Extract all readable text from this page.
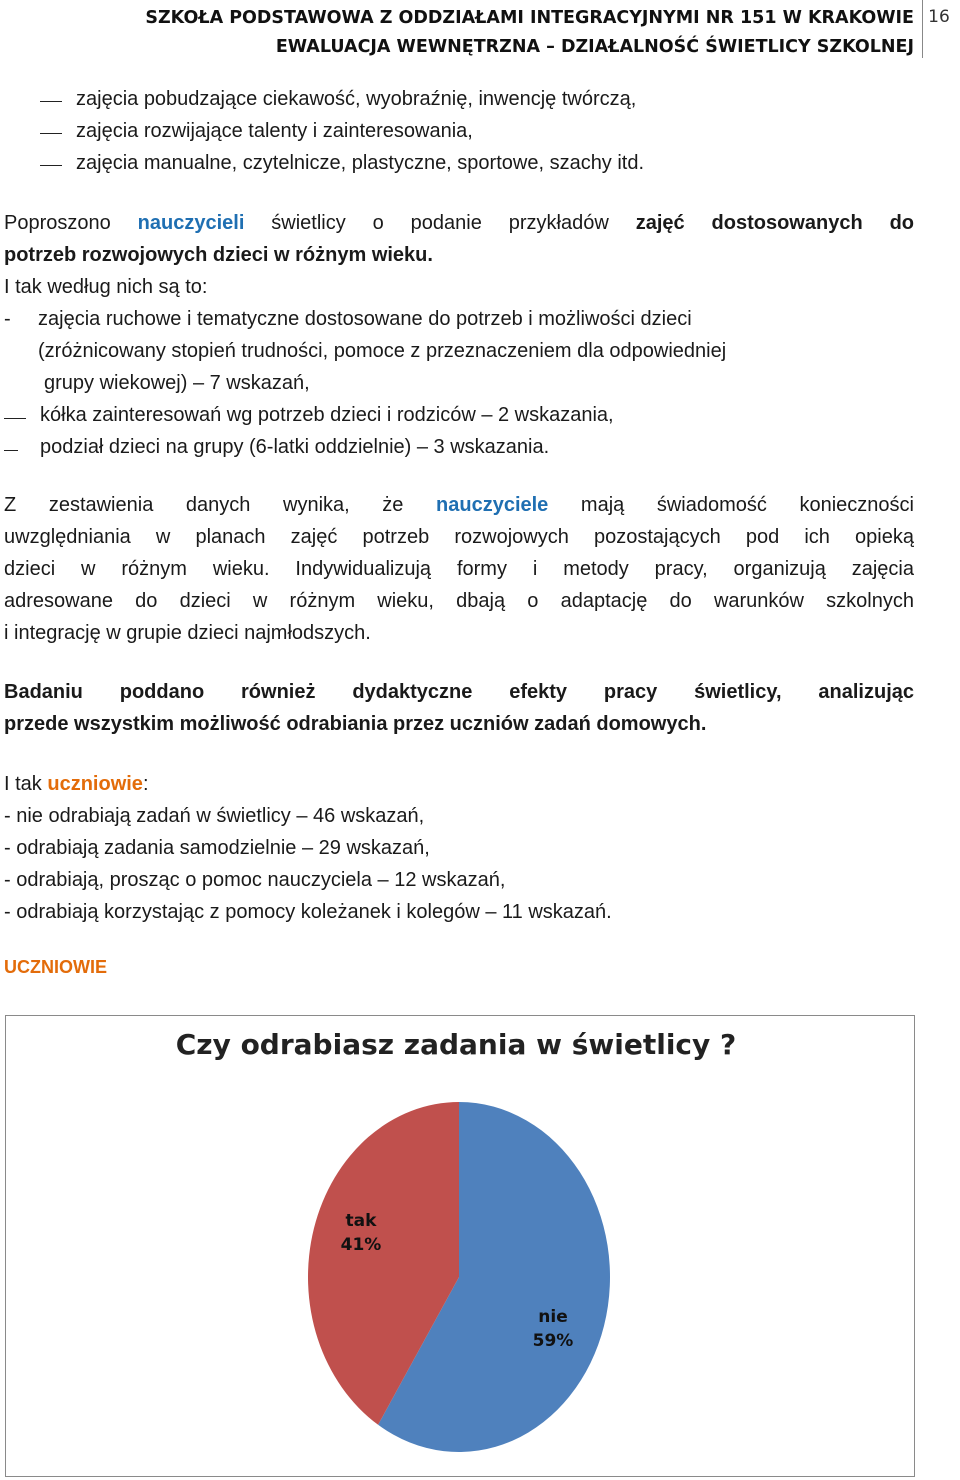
SZKOŁA PODSTAWOWA Z ODDZIAŁAMI INTEGRACYJNYMI NR 151 W KRAKOWIE
EWALUACJA WEWNĘTRZNA – DZIAŁALNOŚĆ ŚWIETLICY SZKOLNEJ
16
zajęcia pobudzające ciekawość, wyobraźnię, inwencję twórczą,
zajęcia rozwijające talenty i zainteresowania,
zajęcia manualne, czytelnicze, plastyczne, sportowe, szachy itd.
Poproszono nauczycieli świetlicy o podanie przykładów zajęć dostosowanych do
potrzeb rozwojowych dzieci w różnym wieku.
I tak według nich są to:
- zajęcia ruchowe i tematyczne dostosowane do potrzeb i możliwości dzieci
(zróżnicowany stopień trudności, pomoce z przeznaczeniem dla odpowiedniej
grupy wiekowej) – 7 wskazań,
kółka zainteresowań wg potrzeb dzieci i rodziców – 2 wskazania,
podział dzieci na grupy (6-latki oddzielnie) – 3 wskazania.
Z zestawienia danych wynika, że nauczyciele mają świadomość konieczności
uwzględniania w planach zajęć potrzeb rozwojowych pozostających pod ich opieką
dzieci w różnym wieku. Indywidualizują formy i metody pracy, organizują zajęcia
adresowane do dzieci w różnym wieku, dbają o adaptację do warunków szkolnych
i integrację w grupie dzieci najmłodszych.
Badaniu poddano również dydaktyczne efekty pracy świetlicy, analizując
przede wszystkim możliwość odrabiania przez uczniów zadań domowych.
I tak uczniowie:
- nie odrabiają zadań w świetlicy – 46 wskazań,
- odrabiają zadania samodzielnie – 29 wskazań,
- odrabiają, prosząc o pomoc nauczyciela – 12 wskazań,
- odrabiają korzystając z pomocy koleżanek i kolegów – 11 wskazań.
UCZNIOWIE
Czy odrabiasz zadania w świetlicy ?
nie
59%
tak
41%
